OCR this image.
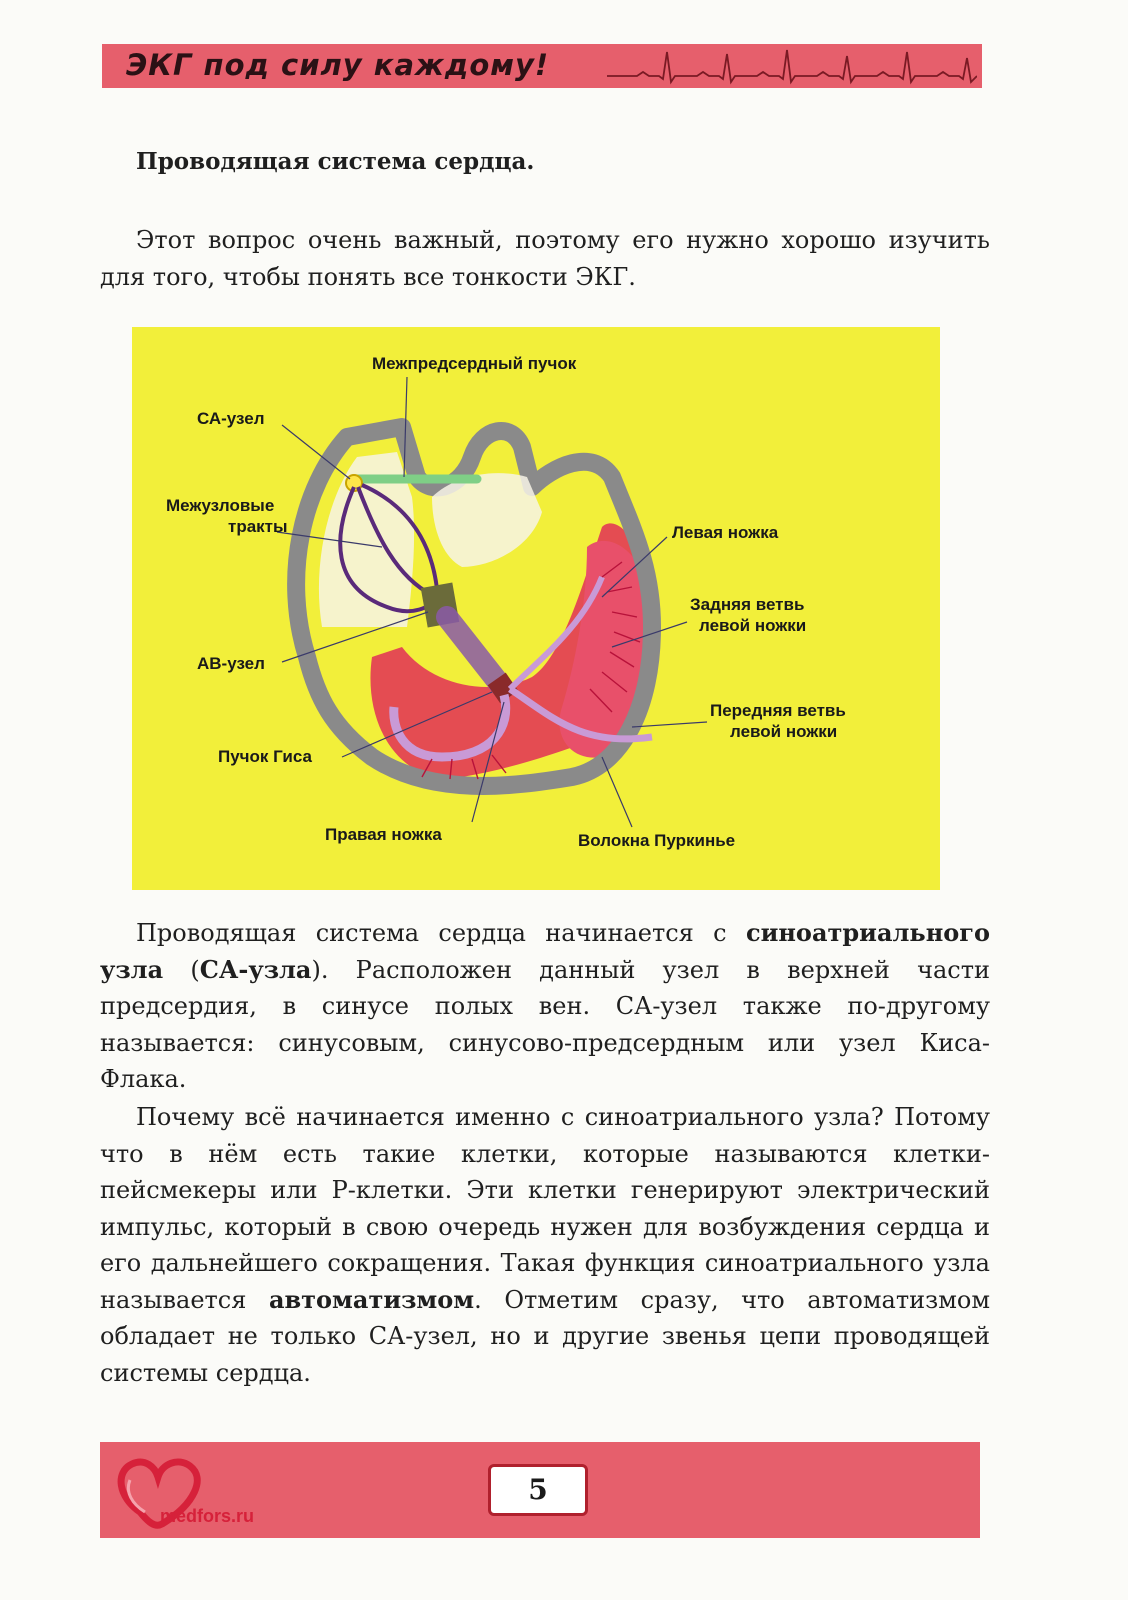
ЭКГ под силу каждому!
Проводящая система сердца.
Этот вопрос очень важный, поэтому его нужно хорошо изучить для того, чтобы понять все тонкости ЭКГ.
Межпредсердный пучок
СА-узел
Межузловые
тракты	Левая ножка
Задняя ветвь
левой ножки
АВ-узел
Передняя ветвь
левой ножки
Пучок Гиса
Правая ножка	Волокна Пуркинье
Проводящая система сердца начинается с синоатриального узла (СА-узла). Расположен данный узел в верхней части предсердия, в синусе полых вен. СА-узел также по-другому называется: синусовым, синусово-предсердным или узел Киса-Флака.
Почему всё начинается именно с синоатриального узла? Потому что в нём есть такие клетки, которые называются клетки-пейсмекеры или Р-клетки. Эти клетки генерируют электрический импульс, который в свою очередь нужен для возбуждения сердца и его дальнейшего сокращения. Такая функция синоатриального узла называется автоматизмом. Отметим сразу, что автоматизмом обладает не только СА-узел, но и другие звенья цепи проводящей системы сердца.
medfors.ru
5
